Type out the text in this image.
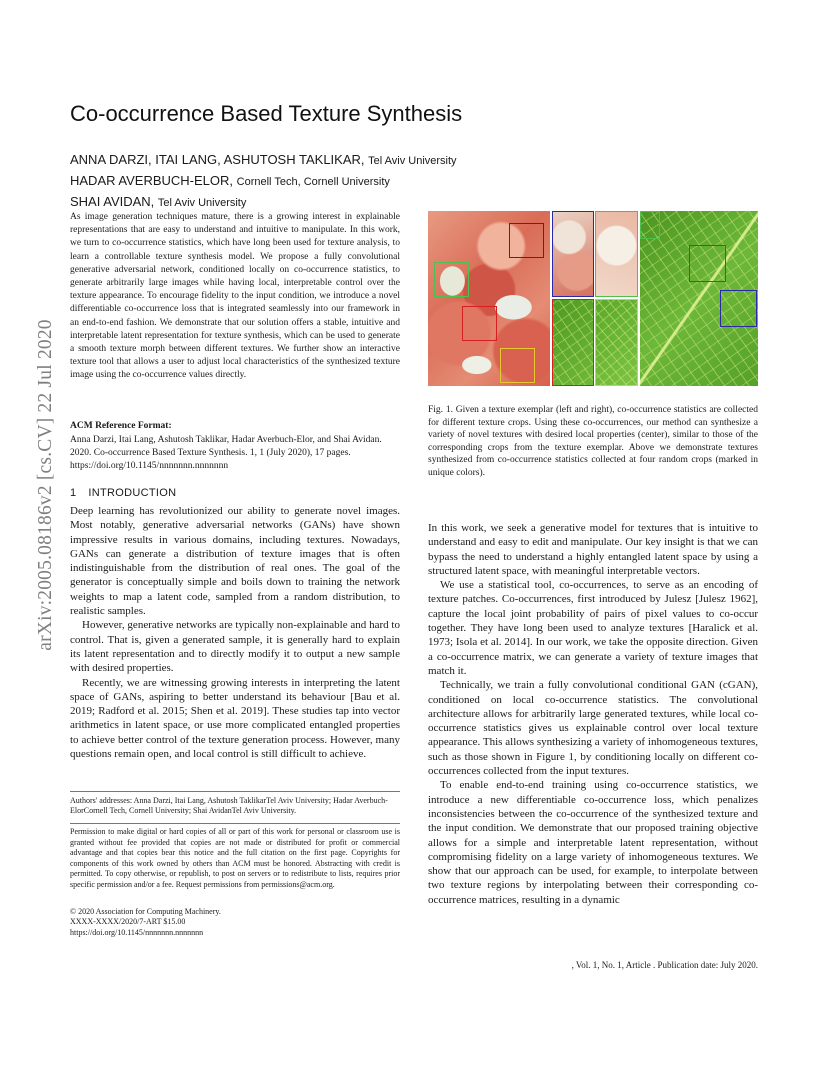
arXiv:2005.08186v2 [cs.CV] 22 Jul 2020
Co-occurrence Based Texture Synthesis
ANNA DARZI, ITAI LANG, ASHUTOSH TAKLIKAR, Tel Aviv University
HADAR AVERBUCH-ELOR, Cornell Tech, Cornell University
SHAI AVIDAN, Tel Aviv University

As image generation techniques mature, there is a growing interest in explainable representations that are easy to understand and intuitive to manipulate. In this work, we turn to co-occurrence statistics, which have long been used for texture analysis, to learn a controllable texture synthesis model. We propose a fully convolutional generative adversarial network, conditioned locally on co-occurrence statistics, to generate arbitrarily large images while having local, interpretable control over the texture appearance. To encourage fidelity to the input condition, we introduce a novel differentiable co-occurrence loss that is integrated seamlessly into our framework in an end-to-end fashion. We demonstrate that our solution offers a stable, intuitive and interpretable latent representation for texture synthesis, which can be used to generate a smooth texture morph between different textures. We further show an interactive texture tool that allows a user to adjust local characteristics of the synthesized texture image using the co-occurrence values directly.

ACM Reference Format:

Anna Darzi, Itai Lang, Ashutosh Taklikar, Hadar Averbuch-Elor, and Shai Avidan. 2020. Co-occurrence Based Texture Synthesis. 1, 1 (July 2020), 17 pages. https://doi.org/10.1145/nnnnnnn.nnnnnnn

1 INTRODUCTION

Deep learning has revolutionized our ability to generate novel images. Most notably, generative adversarial networks (GANs) have shown impressive results in various domains, including textures. Nowadays, GANs can generate a distribution of texture images that is often indistinguishable from the distribution of real ones. The goal of the generator is conceptually simple and boils down to training the network weights to map a latent code, sampled from a random distribution, to realistic samples.

However, generative networks are typically non-explainable and hard to control. That is, given a generated sample, it is generally hard to explain its latent representation and to directly modify it to output a new sample with desired properties.

Recently, we are witnessing growing interests in interpreting the latent space of GANs, aspiring to better understand its behaviour [Bau et al. 2019; Radford et al. 2015; Shen et al. 2019]. These studies tap into vector arithmetics in latent space, or use more complicated entangled properties to achieve better control of the texture generation process. However, many questions remain open, and local control is still difficult to achieve.

Authors' addresses: Anna Darzi, Itai Lang, Ashutosh TaklikarTel Aviv University; Hadar Averbuch-ElorCornell Tech, Cornell University; Shai AvidanTel Aviv University.

Permission to make digital or hard copies of all or part of this work for personal or classroom use is granted without fee provided that copies are not made or distributed for profit or commercial advantage and that copies bear this notice and the full citation on the first page. Copyrights for components of this work owned by others than ACM must be honored. Abstracting with credit is permitted. To copy otherwise, or republish, to post on servers or to redistribute to lists, requires prior specific permission and/or a fee. Request permissions from permissions@acm.org.

© 2020 Association for Computing Machinery.
XXXX-XXXX/2020/7-ART $15.00
https://doi.org/10.1145/nnnnnnn.nnnnnnn

Fig. 1. Given a texture exemplar (left and right), co-occurrence statistics are collected for different texture crops. Using these co-occurrences, our method can synthesize a variety of novel textures with desired local properties (center), similar to those of the corresponding crops from the texture exemplar. Above we demonstrate textures synthesized from co-occurrence statistics collected at four random crops (marked in unique colors).

In this work, we seek a generative model for textures that is intuitive to understand and easy to edit and manipulate. Our key insight is that we can bypass the need to understand a highly entangled latent space by using a structured latent space, with meaningful interpretable vectors.

We use a statistical tool, co-occurrences, to serve as an encoding of texture patches. Co-occurrences, first introduced by Julesz [Julesz 1962], capture the local joint probability of pairs of pixel values to co-occur together. They have long been used to analyze textures [Haralick et al. 1973; Isola et al. 2014]. In our work, we take the opposite direction. Given a co-occurrence matrix, we can generate a variety of texture images that match it.

Technically, we train a fully convolutional conditional GAN (cGAN), conditioned on local co-occurrence statistics. The convolutional architecture allows for arbitrarily large generated textures, while local co-occurrence statistics gives us explainable control over local texture appearance. This allows synthesizing a variety of inhomogeneous textures, such as those shown in Figure 1, by conditioning locally on different co-occurrences collected from the input textures.

To enable end-to-end training using co-occurrence statistics, we introduce a new differentiable co-occurrence loss, which penalizes inconsistencies between the co-occurrence of the synthesized texture and the input condition. We demonstrate that our proposed training objective allows for a simple and interpretable latent representation, without compromising fidelity on a large variety of inhomogeneous textures. We show that our approach can be used, for example, to interpolate between two texture regions by interpolating between their corresponding co-occurrence matrices, resulting in a dynamic

, Vol. 1, No. 1, Article . Publication date: July 2020.
